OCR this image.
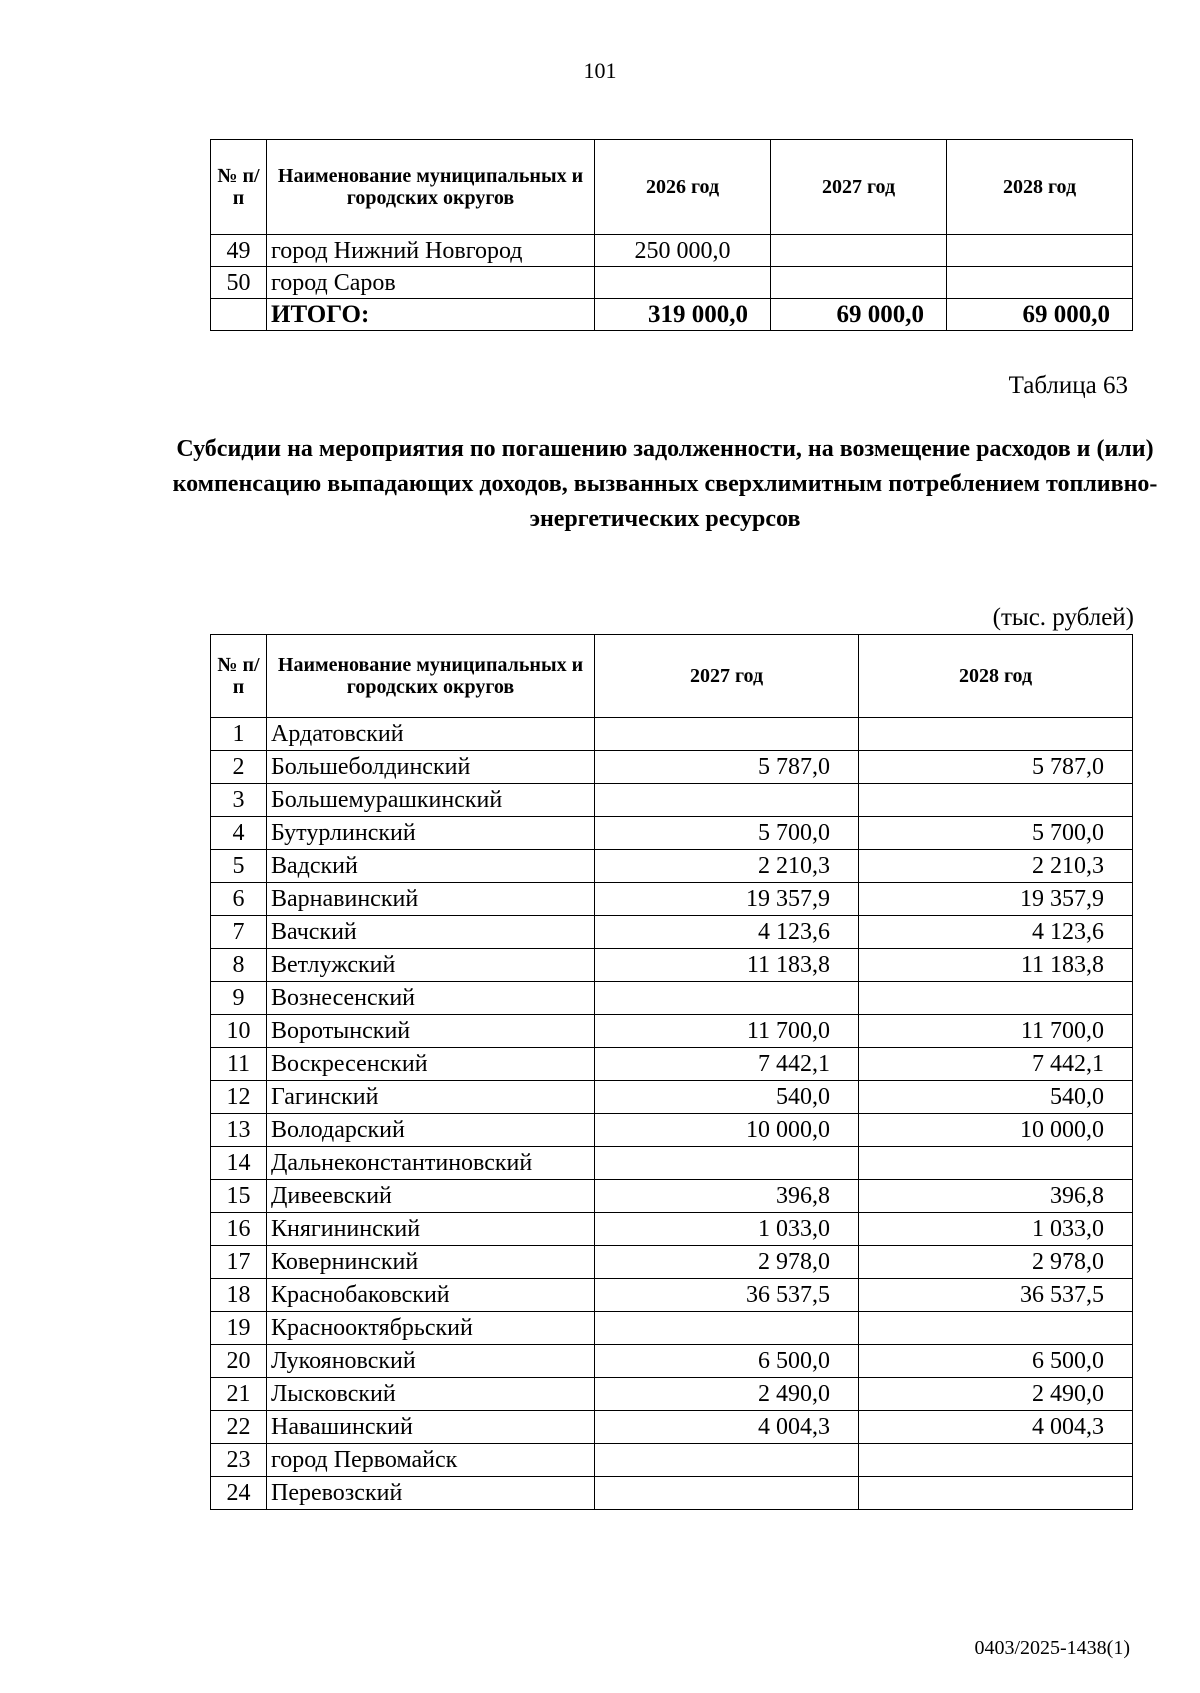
101
№ п/п	Наименование муниципальных и городских округов	2026 год	2027 год	2028 год
49	город Нижний Новгород	250 000,0		
50	город Саров			
	ИТОГО:	319 000,0	69 000,0	69 000,0
Таблица 63
Субсидии на мероприятия по погашению задолженности, на возмещение расходов и (или) компенсацию выпадающих доходов, вызванных сверхлимитным потреблением топливно-энергетических ресурсов
(тыс. рублей)
№ п/п	Наименование муниципальных и городских округов	2027 год	2028 год
1	Ардатовский		
2	Большеболдинский	5 787,0	5 787,0
3	Большемурашкинский		
4	Бутурлинский	5 700,0	5 700,0
5	Вадский	2 210,3	2 210,3
6	Варнавинский	19 357,9	19 357,9
7	Вачский	4 123,6	4 123,6
8	Ветлужский	11 183,8	11 183,8
9	Вознесенский		
10	Воротынский	11 700,0	11 700,0
11	Воскресенский	7 442,1	7 442,1
12	Гагинский	540,0	540,0
13	Володарский	10 000,0	10 000,0
14	Дальнеконстантиновский		
15	Дивеевский	396,8	396,8
16	Княгининский	1 033,0	1 033,0
17	Ковернинский	2 978,0	2 978,0
18	Краснобаковский	36 537,5	36 537,5
19	Краснооктябрьский		
20	Лукояновский	6 500,0	6 500,0
21	Лысковский	2 490,0	2 490,0
22	Навашинский	4 004,3	4 004,3
23	город Первомайск		
24	Перевозский		
0403/2025-1438(1)
